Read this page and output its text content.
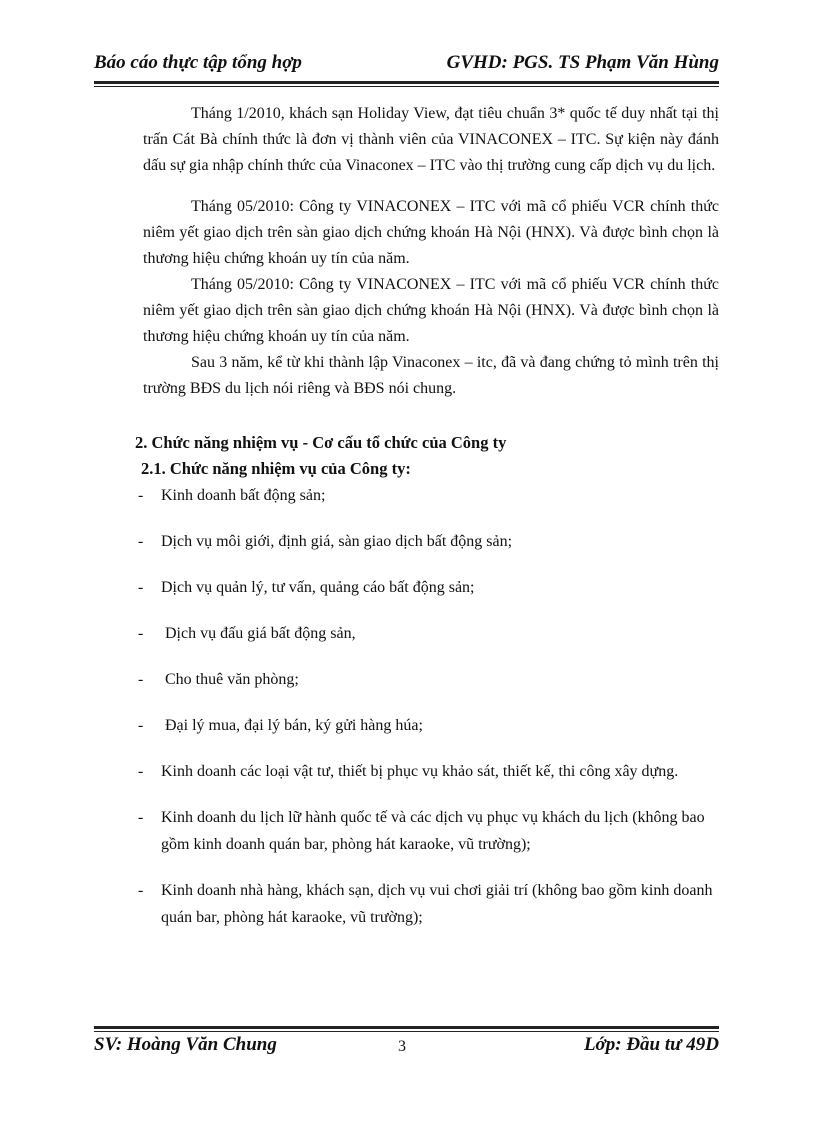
Báo cáo thực tập tổng hợp	GVHD: PGS. TS Phạm Văn Hùng

Tháng 1/2010, khách sạn Holiday View, đạt tiêu chuẩn 3* quốc tế duy nhất tại thị trấn Cát Bà chính thức là đơn vị thành viên của VINACONEX – ITC. Sự kiện này đánh dấu sự gia nhập chính thức của Vinaconex – ITC vào thị trường cung cấp dịch vụ du lịch.

Tháng 05/2010: Công ty VINACONEX – ITC với mã cổ phiếu VCR chính thức niêm yết giao dịch trên sàn giao dịch chứng khoán Hà Nội (HNX). Và được bình chọn là thương hiệu chứng khoán uy tín của năm.

Tháng 05/2010: Công ty VINACONEX – ITC với mã cổ phiếu VCR chính thức niêm yết giao dịch trên sàn giao dịch chứng khoán Hà Nội (HNX). Và được bình chọn là thương hiệu chứng khoán uy tín của năm.

Sau 3 năm, kể từ khi thành lập Vinaconex – itc, đã và đang chứng tỏ mình trên thị trường BĐS du lịch nói riêng và BĐS nói chung.

2. Chức năng nhiệm vụ - Cơ cấu tổ chức của Công ty

2.1. Chức năng nhiệm vụ của Công ty:

- Kinh doanh bất động sản;
- Dịch vụ môi giới, định giá, sàn giao dịch bất động sản;
- Dịch vụ quản lý, tư vấn, quảng cáo bất động sản;
- Dịch vụ đấu giá bất động sản,
- Cho thuê văn phòng;
- Đại lý mua, đại lý bán, ký gửi hàng húa;
- Kinh doanh các loại vật tư, thiết bị phục vụ khảo sát, thiết kế, thi công xây dựng.
- Kinh doanh du lịch lữ hành quốc tế và các dịch vụ phục vụ khách du lịch (không bao gồm kinh doanh quán bar, phòng hát karaoke, vũ trường);
- Kinh doanh nhà hàng, khách sạn, dịch vụ vui chơi giải trí (không bao gồm kinh doanh quán bar, phòng hát karaoke, vũ trường);
SV: Hoàng Văn Chung	3	Lớp: Đầu tư 49D
